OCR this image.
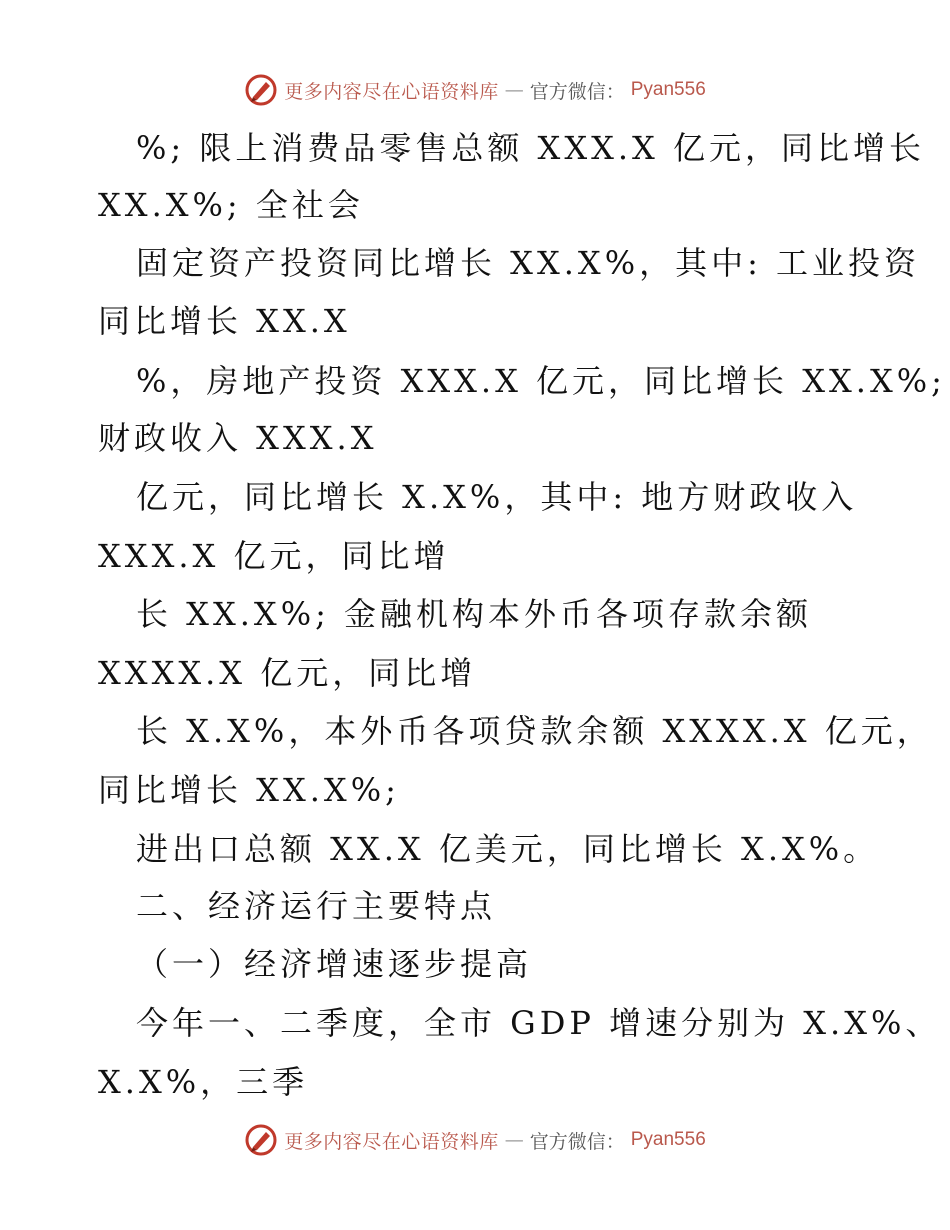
更多内容尽在心语资料库 — 官方微信： Pyan556
%; 限上消费品零售总额 XXX.X 亿元，同比增长
XX.X%; 全社会
固定资产投资同比增长 XX.X%，其中: 工业投资
同比增长 XX.X
%，房地产投资 XXX.X 亿元，同比增长 XX.X%;
财政收入 XXX.X
亿元，同比增长 X.X%，其中: 地方财政收入
XXX.X 亿元，同比增
长 XX.X%; 金融机构本外币各项存款余额
XXXX.X 亿元，同比增
长 X.X%，本外币各项贷款余额 XXXX.X 亿元，
同比增长 XX.X%;
进出口总额 XX.X 亿美元，同比增长 X.X%。
二、经济运行主要特点
（一）经济增速逐步提高
今年一、二季度，全市 GDP 增速分别为 X.X%、
X.X%，三季
更多内容尽在心语资料库 — 官方微信： Pyan556
